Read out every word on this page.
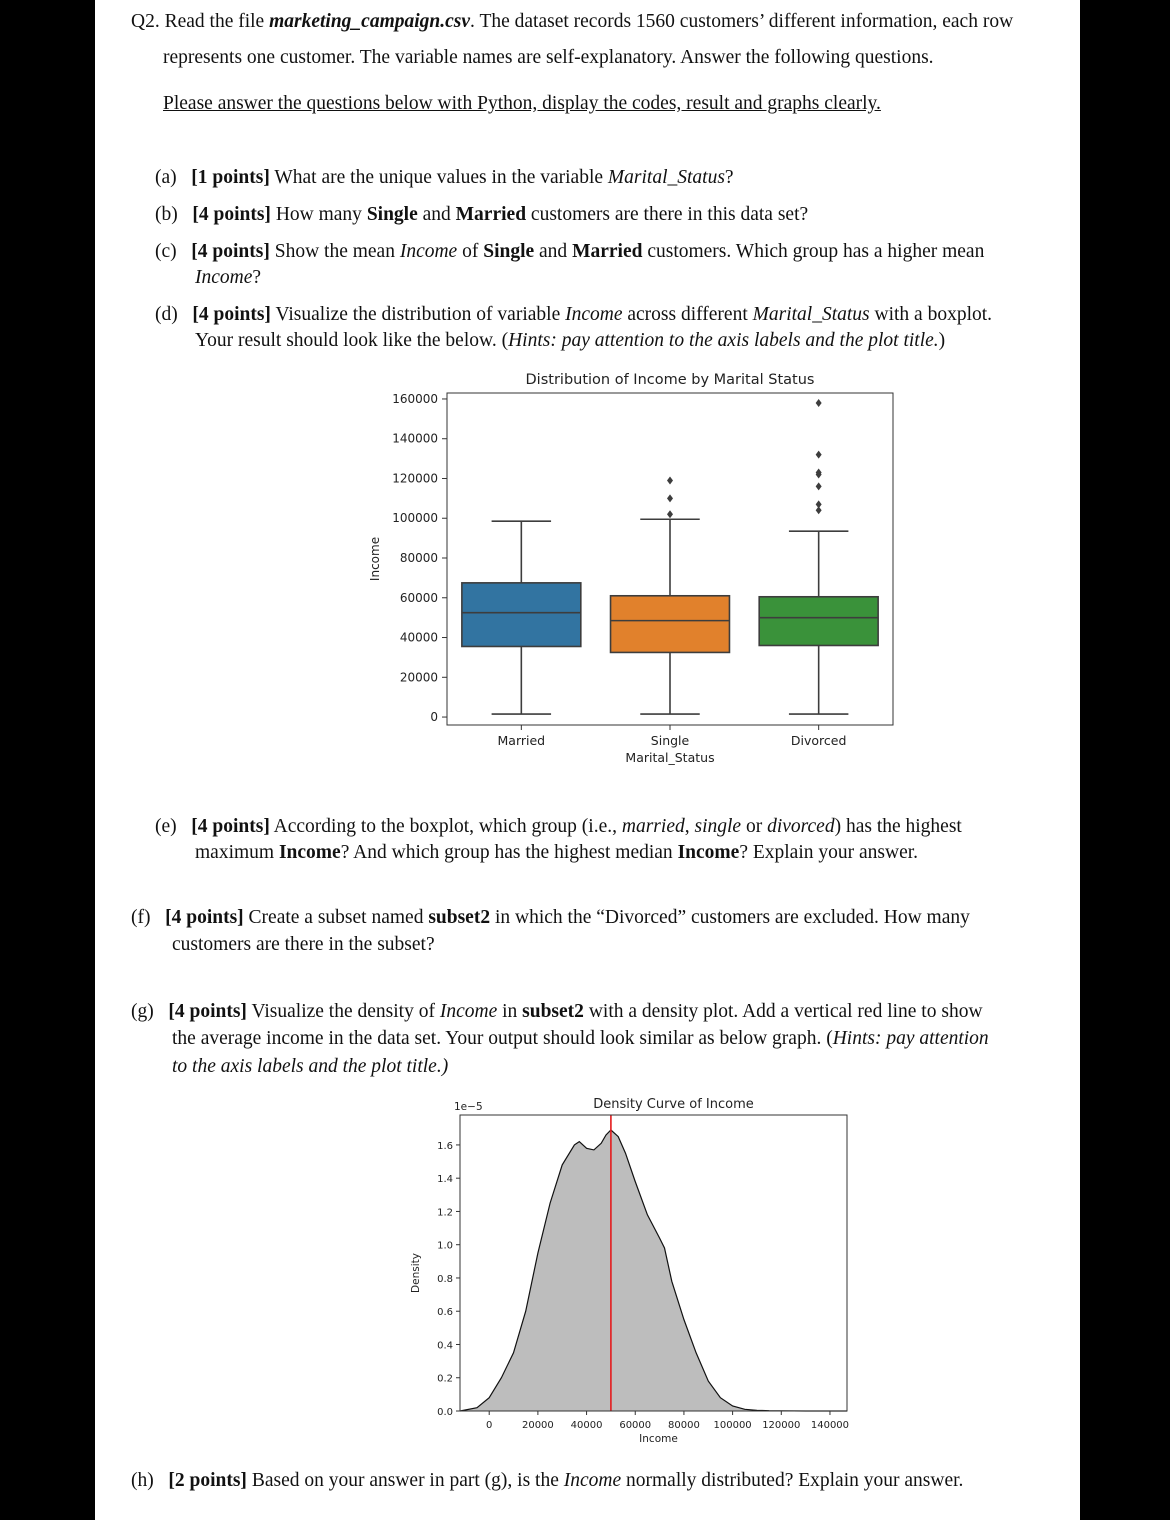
Q2. Read the file marketing_campaign.csv. The dataset records 1560 customers’ different information, each row
represents one customer. The variable names are self-explanatory. Answer the following questions.
Please answer the questions below with Python, display the codes, result and graphs clearly.
(a) [1 points] What are the unique values in the variable Marital_Status?
(b) [4 points] How many Single and Married customers are there in this data set?
(c) [4 points] Show the mean Income of Single and Married customers. Which group has a higher mean
Income?
(d) [4 points] Visualize the distribution of variable Income across different Marital_Status with a boxplot.
Your result should look like the below. (Hints: pay attention to the axis labels and the plot title.)
Distribution of Income by Marital Status
0
20000
40000
60000
80000
100000
120000
140000
160000
Income
Married	Single	Divorced
Marital_Status
(e) [4 points] According to the boxplot, which group (i.e., married, single or divorced) has the highest
maximum Income? And which group has the highest median Income? Explain your answer.
(f) [4 points] Create a subset named subset2 in which the “Divorced” customers are excluded. How many
customers are there in the subset?
(g) [4 points] Visualize the density of Income in subset2 with a density plot. Add a vertical red line to show
the average income in the data set. Your output should look similar as below graph. (Hints: pay attention
to the axis labels and the plot title.)
Density Curve of Income
1e−5
0.0
0.2
0.4
0.6
0.8
1.0
1.2
1.4
1.6
0	20000 40000 60000 80000 100000 120000 140000
Density
Income
(h) [2 points] Based on your answer in part (g), is the Income normally distributed? Explain your answer.
